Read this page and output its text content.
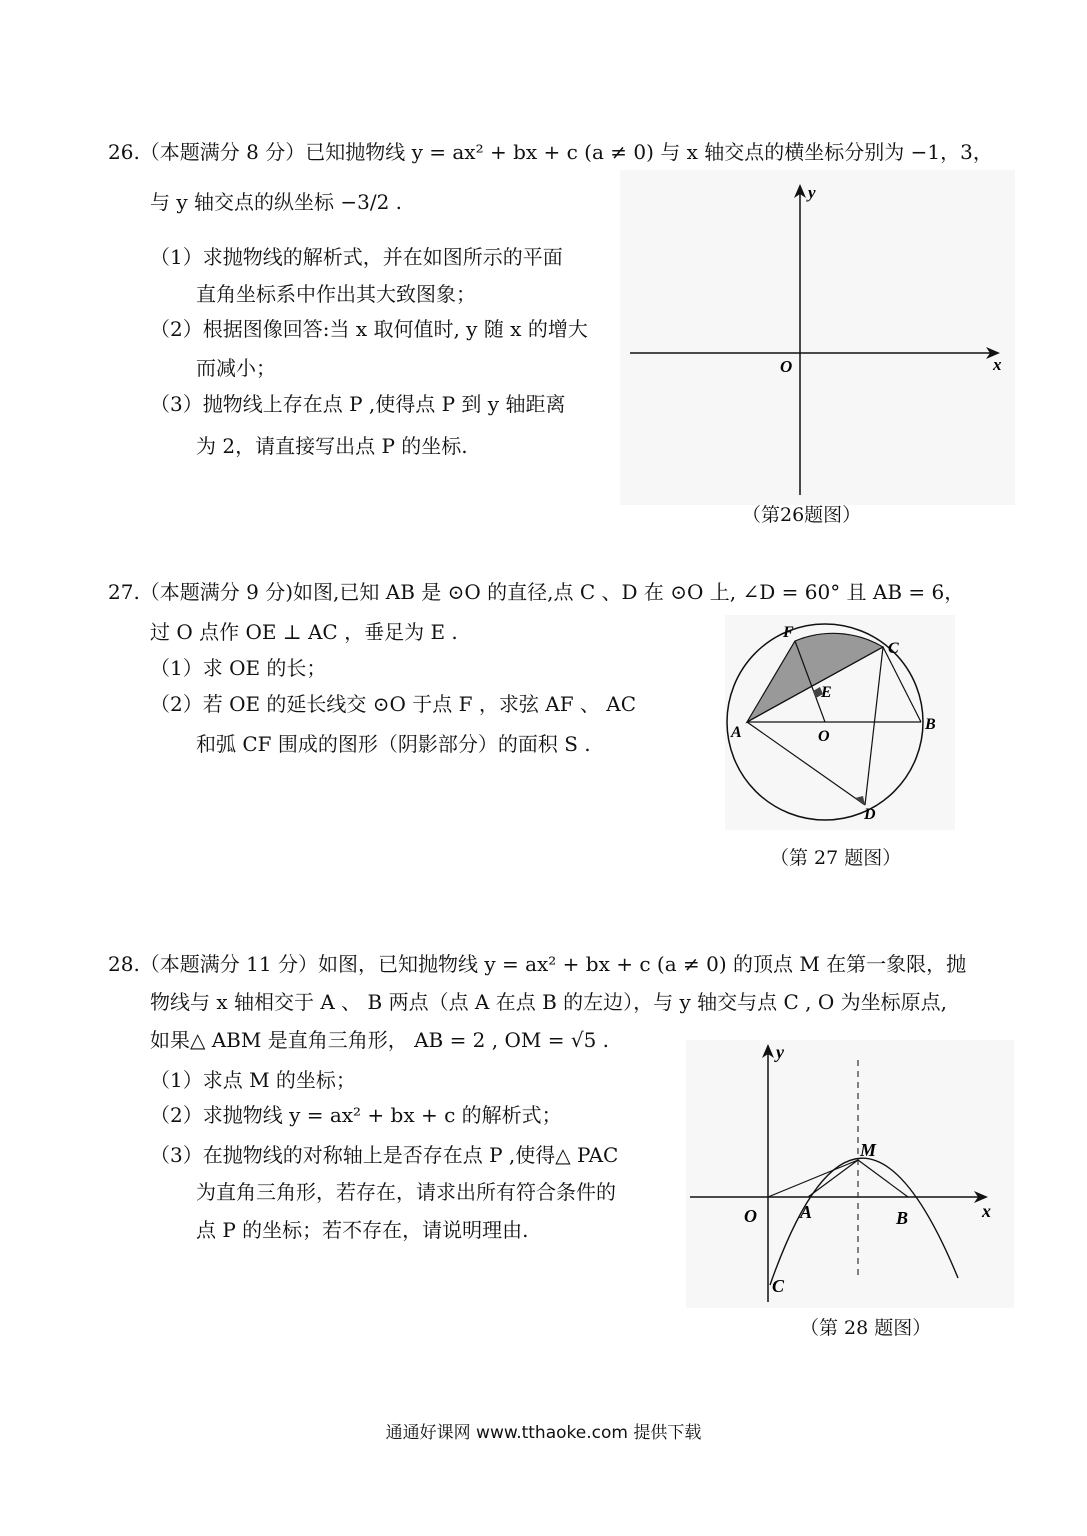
26.（本题满分 8 分）已知抛物线 y = ax² + bx + c (a ≠ 0) 与 x 轴交点的横坐标分别为 −1，3，
与 y 轴交点的纵坐标 −3/2 .
（1）求抛物线的解析式，并在如图所示的平面
直角坐标系中作出其大致图象；
（2）根据图像回答:当 x 取何值时, y 随 x 的增大
而减小；
（3）抛物线上存在点 P ,使得点 P 到 y 轴距离
为 2，请直接写出点 P 的坐标.
O	x
y
（第26题图）
27.（本题满分 9 分)如图,已知 AB 是 ⊙O 的直径,点 C 、D 在 ⊙O 上, ∠D = 60° 且 AB = 6，
过 O 点作 OE ⊥ AC ，垂足为 E .
（1）求 OE 的长；
（2）若 OE 的延长线交 ⊙O 于点 F ，求弦 AF 、 AC
和弧 CF 围成的图形（阴影部分）的面积 S .
F
C
E
A	O
B
D
（第 27 题图）
28.（本题满分 11 分）如图，已知抛物线 y = ax² + bx + c (a ≠ 0) 的顶点 M 在第一象限，抛
物线与 x 轴相交于 A 、 B 两点（点 A 在点 B 的左边），与 y 轴交与点 C , O 为坐标原点,
如果△ ABM 是直角三角形， AB = 2 , OM = √5 .
（1）求点 M 的坐标；
（2）求抛物线 y = ax² + bx + c 的解析式；
（3）在抛物线的对称轴上是否存在点 P ,使得△ PAC
为直角三角形，若存在，请求出所有符合条件的
点 P 的坐标；若不存在，请说明理由.
M
O A	B
C
x
y
（第 28 题图）
通通好课网 www.tthaoke.com 提供下载
